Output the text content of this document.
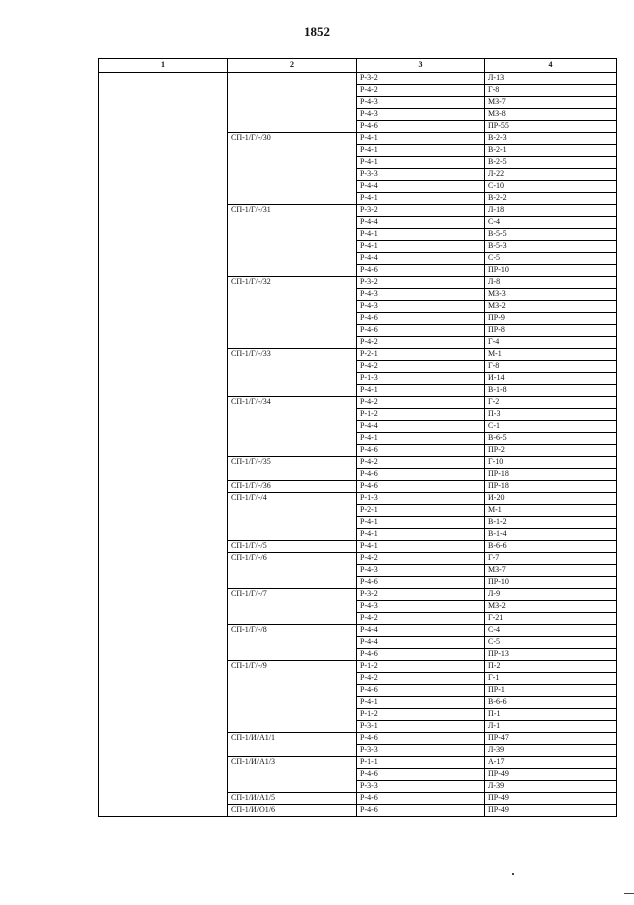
1852
1	2	3	4
		Р-3-2	Л-13
		Р-4-2	Г-8
		Р-4-3	МЗ-7
		Р-4-3	МЗ-8
		Р-4-6	ПР-55
	СП-1/Г/-/30	Р-4-1	В-2-3
		Р-4-1	В-2-1
		Р-4-1	В-2-5
		Р-3-3	Л-22
		Р-4-4	С-10
		Р-4-1	В-2-2
	СП-1/Г/-/31	Р-3-2	Л-18
		Р-4-4	С-4
		Р-4-1	В-5-5
		Р-4-1	В-5-3
		Р-4-4	С-5
		Р-4-6	ПР-10
	СП-1/Г/-/32	Р-3-2	Л-8
		Р-4-3	МЗ-3
		Р-4-3	МЗ-2
		Р-4-6	ПР-9
		Р-4-6	ПР-8
		Р-4-2	Г-4
	СП-1/Г/-/33	Р-2-1	М-1
		Р-4-2	Г-8
		Р-1-3	И-14
		Р-4-1	В-1-8
	СП-1/Г/-/34	Р-4-2	Г-2
		Р-1-2	П-3
		Р-4-4	С-1
		Р-4-1	В-6-5
		Р-4-6	ПР-2
	СП-1/Г/-/35	Р-4-2	Г-10
		Р-4-6	ПР-18
	СП-1/Г/-/36	Р-4-6	ПР-18
	СП-1/Г/-/4	Р-1-3	И-20
		Р-2-1	М-1
		Р-4-1	В-1-2
		Р-4-1	В-1-4
	СП-1/Г/-/5	Р-4-1	В-6-6
	СП-1/Г/-/6	Р-4-2	Г-7
		Р-4-3	МЗ-7
		Р-4-6	ПР-10
	СП-1/Г/-/7	Р-3-2	Л-9
		Р-4-3	МЗ-2
		Р-4-2	Г-21
	СП-1/Г/-/8	Р-4-4	С-4
		Р-4-4	С-5
		Р-4-6	ПР-13
	СП-1/Г/-/9	Р-1-2	П-2
		Р-4-2	Г-1
		Р-4-6	ПР-1
		Р-4-1	В-6-6
		Р-1-2	П-1
		Р-3-1	Л-1
	СП-1/И/А1/1	Р-4-6	ПР-47
		Р-3-3	Л-39
	СП-1/И/А1/3	Р-1-1	А-17
		Р-4-6	ПР-49
		Р-3-3	Л-39
	СП-1/И/А1/5	Р-4-6	ПР-49
	СП-1/И/О1/6	Р-4-6	ПР-49
